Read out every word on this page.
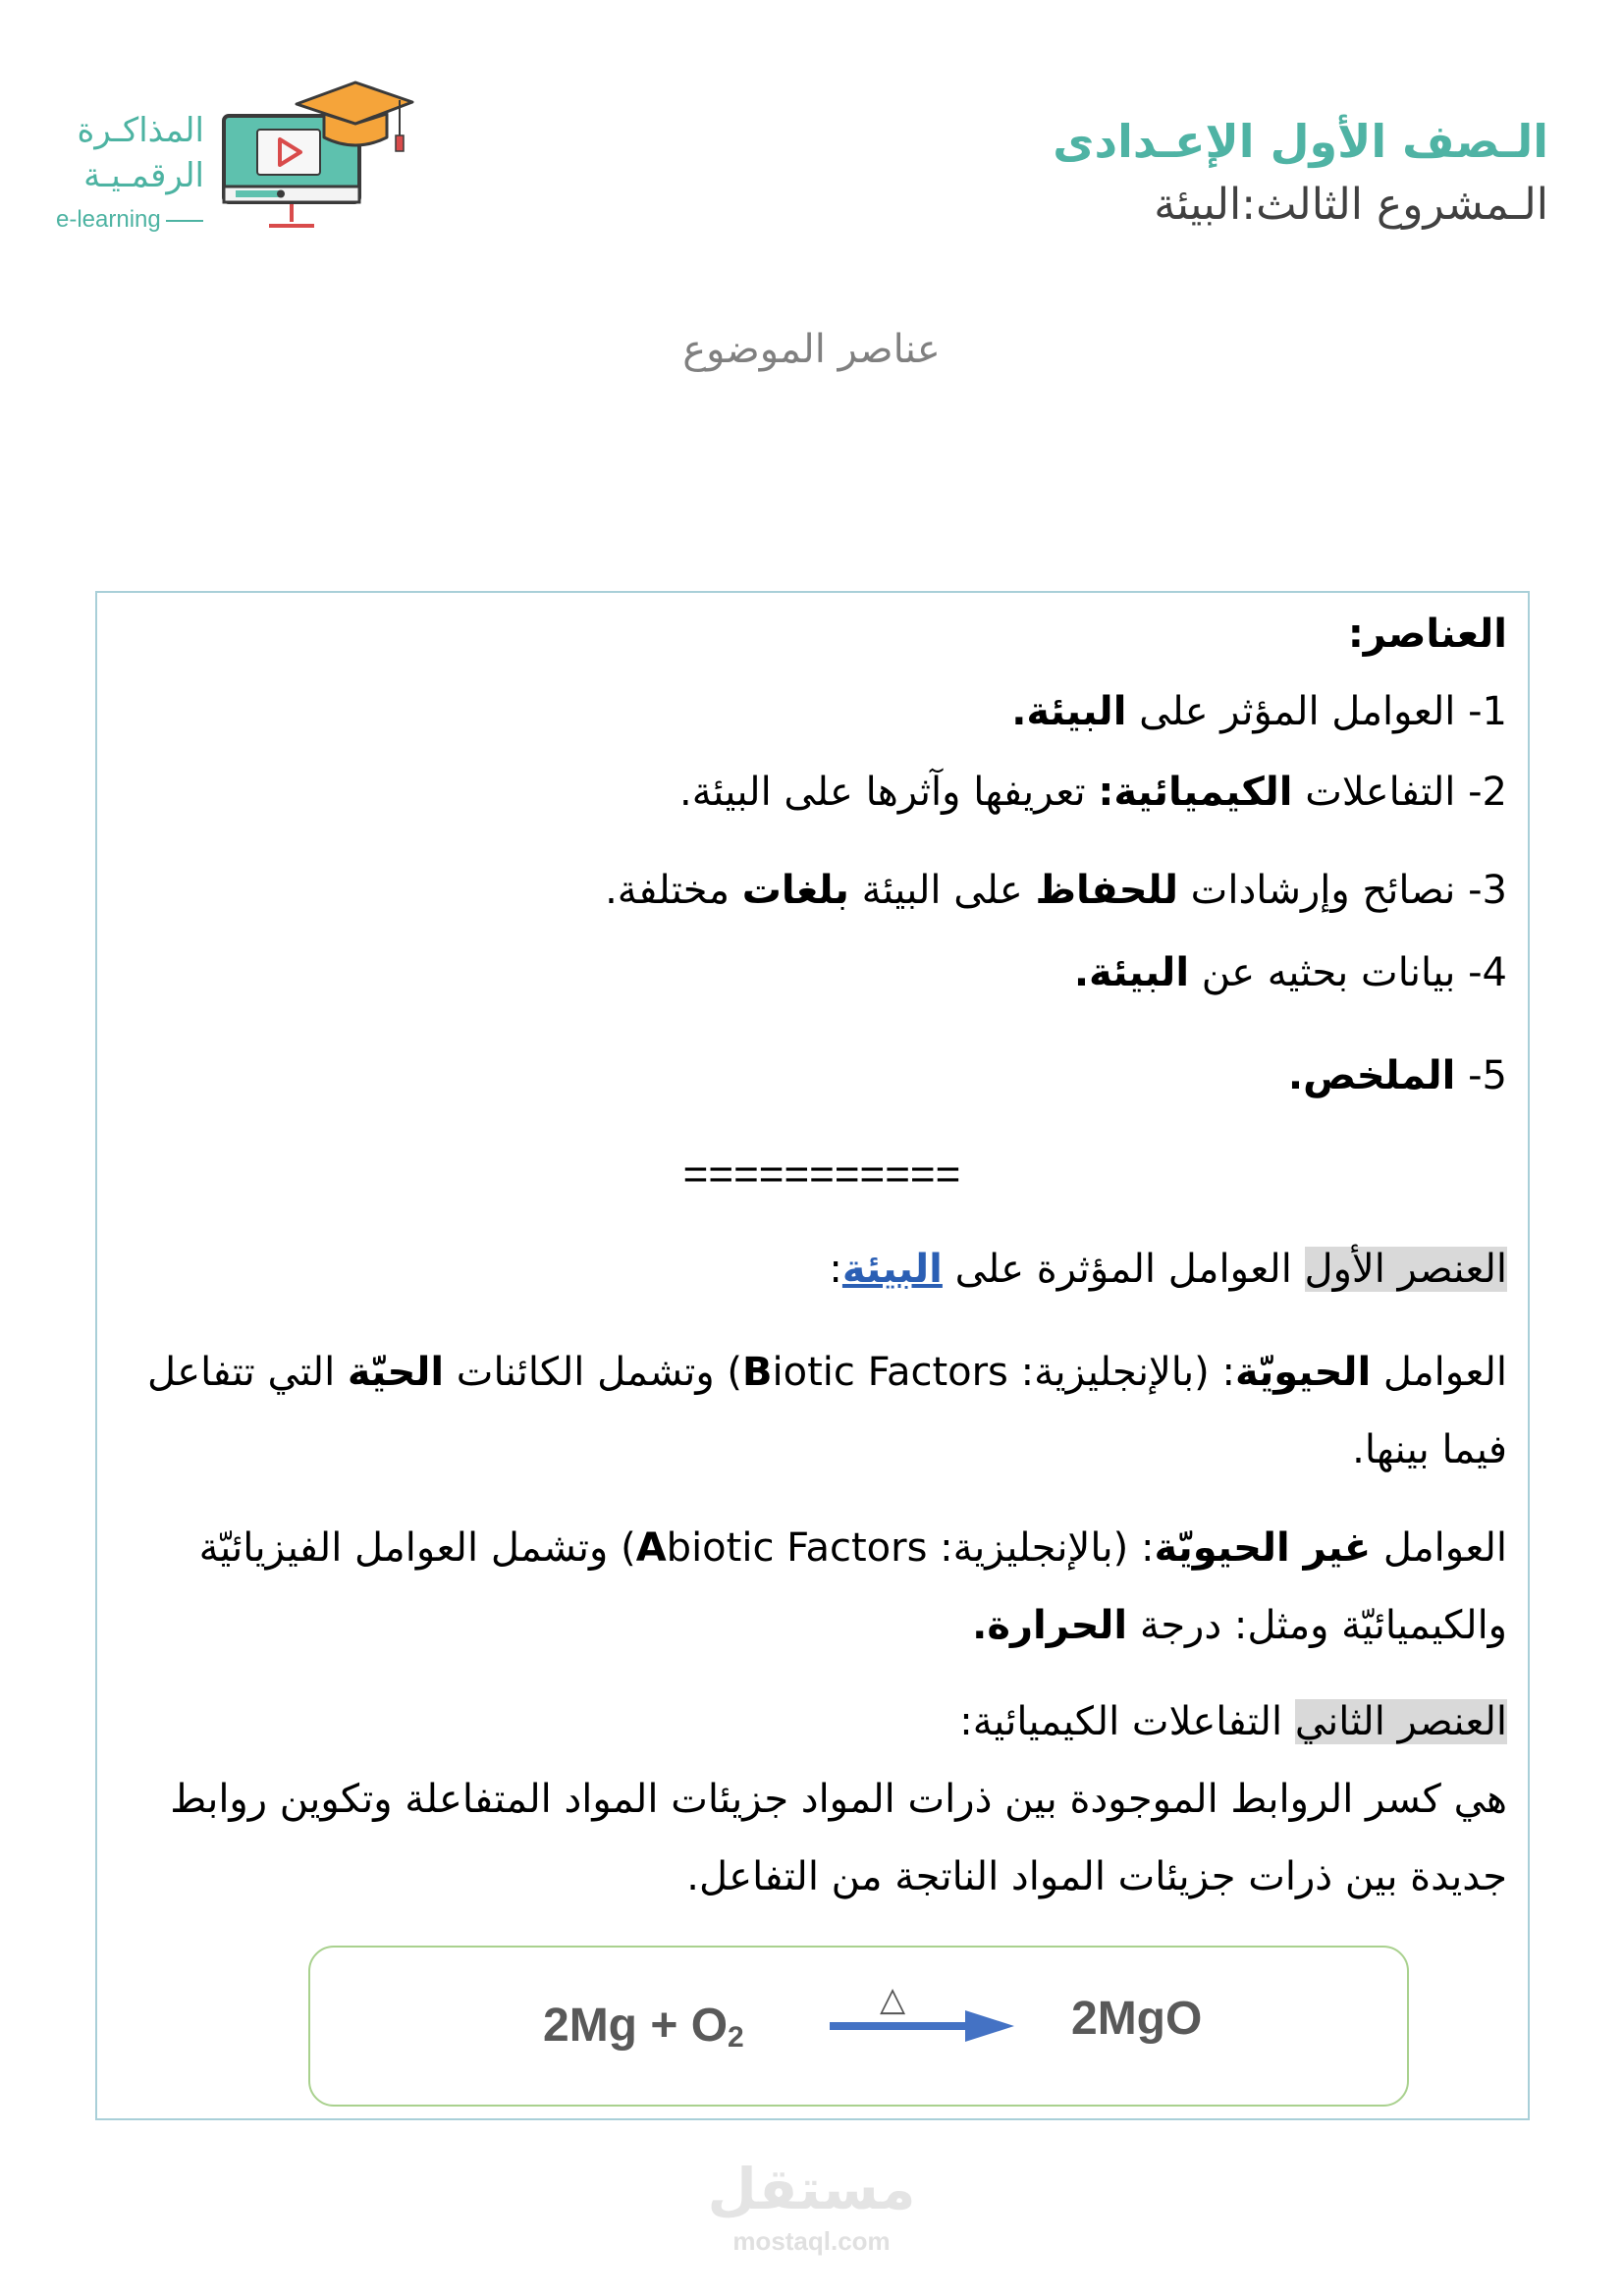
المذاكـرة
الرقمـيـة
e-learning
الـصف الأول الإعـدادى
الـمشروع الثالث:البيئة
عناصر الموضوع

العناصر:

1- العوامل المؤثر على البيئة.

2- التفاعلات الكيميائية: تعريفها وآثرها على البيئة.

3- نصائح وإرشادات للحفاظ على البيئة بلغات مختلفة.

4- بيانات بحثيه عن البيئة.

5- الملخص.

===========

العنصر الأول العوامل المؤثرة على البيئة:

العوامل الحيويّة: (بالإنجليزية: Biotic Factors) وتشمل الكائنات الحيّة التي تتفاعل فيما بينها.

العوامل غير الحيويّة: (بالإنجليزية: Abiotic Factors) وتشمل العوامل الفيزيائيّة والكيميائيّة ومثل: درجة الحرارة.

العنصر الثاني التفاعلات الكيميائية:

هي كسر الروابط الموجودة بين ذرات المواد جزيئات المواد المتفاعلة وتكوين روابط جديدة بين ذرات جزيئات المواد الناتجة من التفاعل.

$2Mg + O_2$
△	2MgO
مستقل
mostaql.com
